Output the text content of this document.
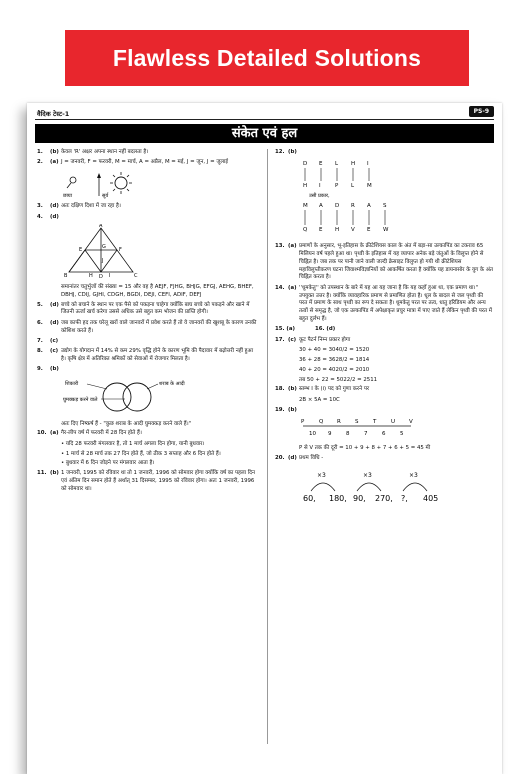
Flawless Detailed Solutions
वैदिक टेस्ट-1	PS-9
संकेत एवं हल
1.	(b) केवल 'R' अक्षर अपना स्थान नहीं बदलता है।
2.	(a) J = जनवरी, F = फरवरी, M = मार्च, A = अप्रैल, M = मई, J = जून, J = जुलाई
छाया	सूर्य
3.	(d) अतः दक्षिण दिशा में जा रहा है।
4.	(d)
A
B	C
D
E	F
G
H	I
J
समानांतर चतुर्भुजों की संख्या = 15 और वह है AEJF, FJHG, BHJG, EFGJ, AEHG, BHEF, DBHJ, CDIJ, GJHI, CDGH, BGDI, DEJI, CEFI, ADIF, DEFJ
5.	(d) बच्चे को बचाने के स्थान पर एक पैसे को पकड़ना चाहेगा क्योंकि बाघ बच्चे को पकड़ने और खाने में जितनी ऊर्जा खर्च करेगा उससे अधिक उसे बहुत कम भोजन की प्राप्ति होगी।
6.	(d) जब काफी हद तक घरेलू खरों वाले जानवरों में प्रवेश करते हैं तो वे जानवरों की खुशबू के कारण उनकी कोशिश करते हैं।
7.	(c)
8.	(c) उद्योग के योगदान में 14% से कम 29% वृद्धि होने के कारण भूमि की पैदावार में बढ़ोत्तरी नहीं हुआ है। कृषि क्षेत्र में अतिरिक्त श्रमिकों को सेवाओं में रोजगार मिलता है।
9.	(b)
शिकारी	शराब के आदी
घुमक्कड़ करने वाले
अतः दिए निष्कर्ष हैं - "कुछ शराब के आदी घुमक्कड़ करने वाले हैं।"
10. (a) गैर-लीप वर्ष में फरवरी में 28 दिन होते हैं।
• यदि 28 फरवरी मंगलवार है, तो 1 मार्च अगला दिन होगा, यानी बुधवार।
• 1 मार्च से 28 मार्च तक 27 दिन होते हैं, जो ठीक 3 सप्ताह और 6 दिन होते हैं।
• बुधवार में 6 दिन जोड़ने पर मंगलवार आता है।
11. (b) 1 जनवरी, 1995 को रविवार था तो 1 जनवरी, 1996 को सोमवार होगा क्योंकि वर्ष का पहला दिन एवं अंतिम दिन समान होते हैं अर्थात् 31 दिसम्बर, 1995 को रविवार होगा। अतः 1 जनवरी, 1996 को सोमवार था।
12. (b)
D E L H I
H I	P L M
उसी प्रकार,
M A D R A S
Q E H V E W
13. (a) प्रमाणों के अनुसार, भू-इतिहास के क्रीटेशियस काल के अंत में बड़ा-सा उल्कापिंड का टकराव 65 मिलियन वर्ष पहले हुआ था। पृथ्वी के इतिहास में यह व्यापार अनेक बड़े जंतुओं के विलुप्त होने से चिह्नित है। जब तक पर पानी जाने वाली जल्दी क्रेसाइट विलुप्त हो गयी थी क्रीटेशियस महाविलुप्तीकरण घटना जिवाश्मविज्ञानियों को आकर्षित करता है क्योंकि यह डायनासोर के युग के अंत चिह्नित करता है।
14. (a) ''धूमकेतु'' को उपस्थान के बारे में यह आ यह जाना है कि यह कहाँ हुआ था, एक प्रमाण था।'' उपयुक्त उत्तर है। क्योंकि व्यावहारिक प्रमाण से प्रमाणित होता है। धूल के बादल से जल पृथ्वी की परत में प्रमाण के साथ पृथ्वी का रूप दे सकता है। धूमकेतु परत पर तत्व, धातु इरिडियम और अन्य तत्वों से समृद्ध है, जो एक उल्कापिंड में अपेक्षाकृत प्रचुर मात्रा में पाए जाते हैं लेकिन पृथ्वी की परत में बहुत दुर्लभ हैं।
15. (a)	16. (d)
17. (c) कूट पैटर्न निम्न प्रकार होगा
30 + 40 = 3040/2 = 1520
36 + 28 = 3628/2 = 1814
40 + 20 = 4020/2 = 2010
तब 50 + 22 = 5022/2 = 2511
18. (b) स्तम्भ I के (i) पद को गुणा करने पर
2B × 5A = 10C
19. (b)
P	Q R	S	T	U	V
10 9	8	7	6	5
P से V तक की दूरी = 10 + 9 + 8 + 7 + 6 + 5 = 45 मी
20. (d) प्रथम विधि -
×3	×3	×3
60, 180, 90, 270, ?, 405
